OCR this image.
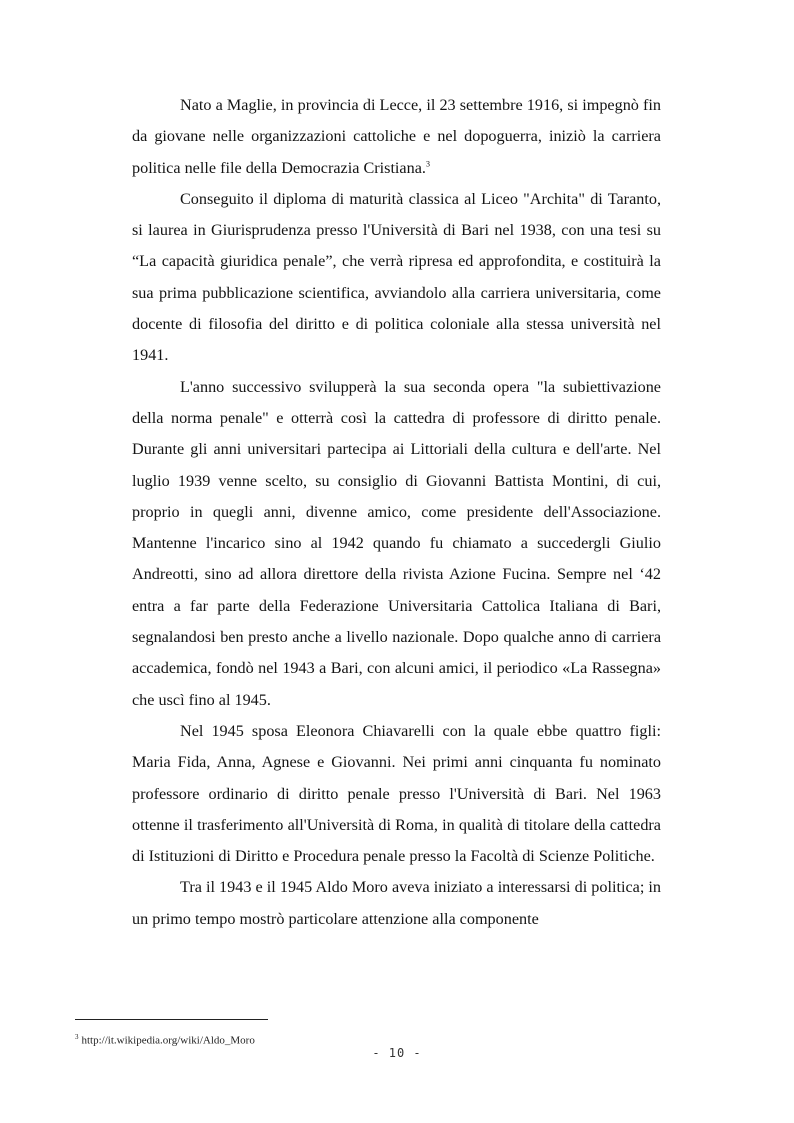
Nato a Maglie, in provincia di Lecce, il 23 settembre 1916, si impegnò fin da giovane nelle organizzazioni cattoliche e nel dopoguerra, iniziò la carriera politica nelle file della Democrazia Cristiana.$^3$

Conseguito il diploma di maturità classica al Liceo "Archita" di Taranto, si laurea in Giurisprudenza presso l'Università di Bari nel 1938, con una tesi su “La capacità giuridica penale”, che verrà ripresa ed approfondita, e costituirà la sua prima pubblicazione scientifica, avviandolo alla carriera universitaria, come docente di filosofia del diritto e di politica coloniale alla stessa università nel 1941.

L'anno successivo svilupperà la sua seconda opera "la subiettivazione della norma penale" e otterrà così la cattedra di professore di diritto penale. Durante gli anni universitari partecipa ai Littoriali della cultura e dell'arte. Nel luglio 1939 venne scelto, su consiglio di Giovanni Battista Montini, di cui, proprio in quegli anni, divenne amico, come presidente dell'Associazione. Mantenne l'incarico sino al 1942 quando fu chiamato a succedergli Giulio Andreotti, sino ad allora direttore della rivista Azione Fucina. Sempre nel ‘42 entra a far parte della Federazione Universitaria Cattolica Italiana di Bari, segnalandosi ben presto anche a livello nazionale. Dopo qualche anno di carriera accademica, fondò nel 1943 a Bari, con alcuni amici, il periodico «La Rassegna» che uscì fino al 1945.

Nel 1945 sposa Eleonora Chiavarelli con la quale ebbe quattro figli: Maria Fida, Anna, Agnese e Giovanni. Nei primi anni cinquanta fu nominato professore ordinario di diritto penale presso l'Università di Bari. Nel 1963 ottenne il trasferimento all'Università di Roma, in qualità di titolare della cattedra di Istituzioni di Diritto e Procedura penale presso la Facoltà di Scienze Politiche.

Tra il 1943 e il 1945 Aldo Moro aveva iniziato a interessarsi di politica; in un primo tempo mostrò particolare attenzione alla componente

$^3$ http://it.wikipedia.org/wiki/Aldo_Moro
- 10 -
